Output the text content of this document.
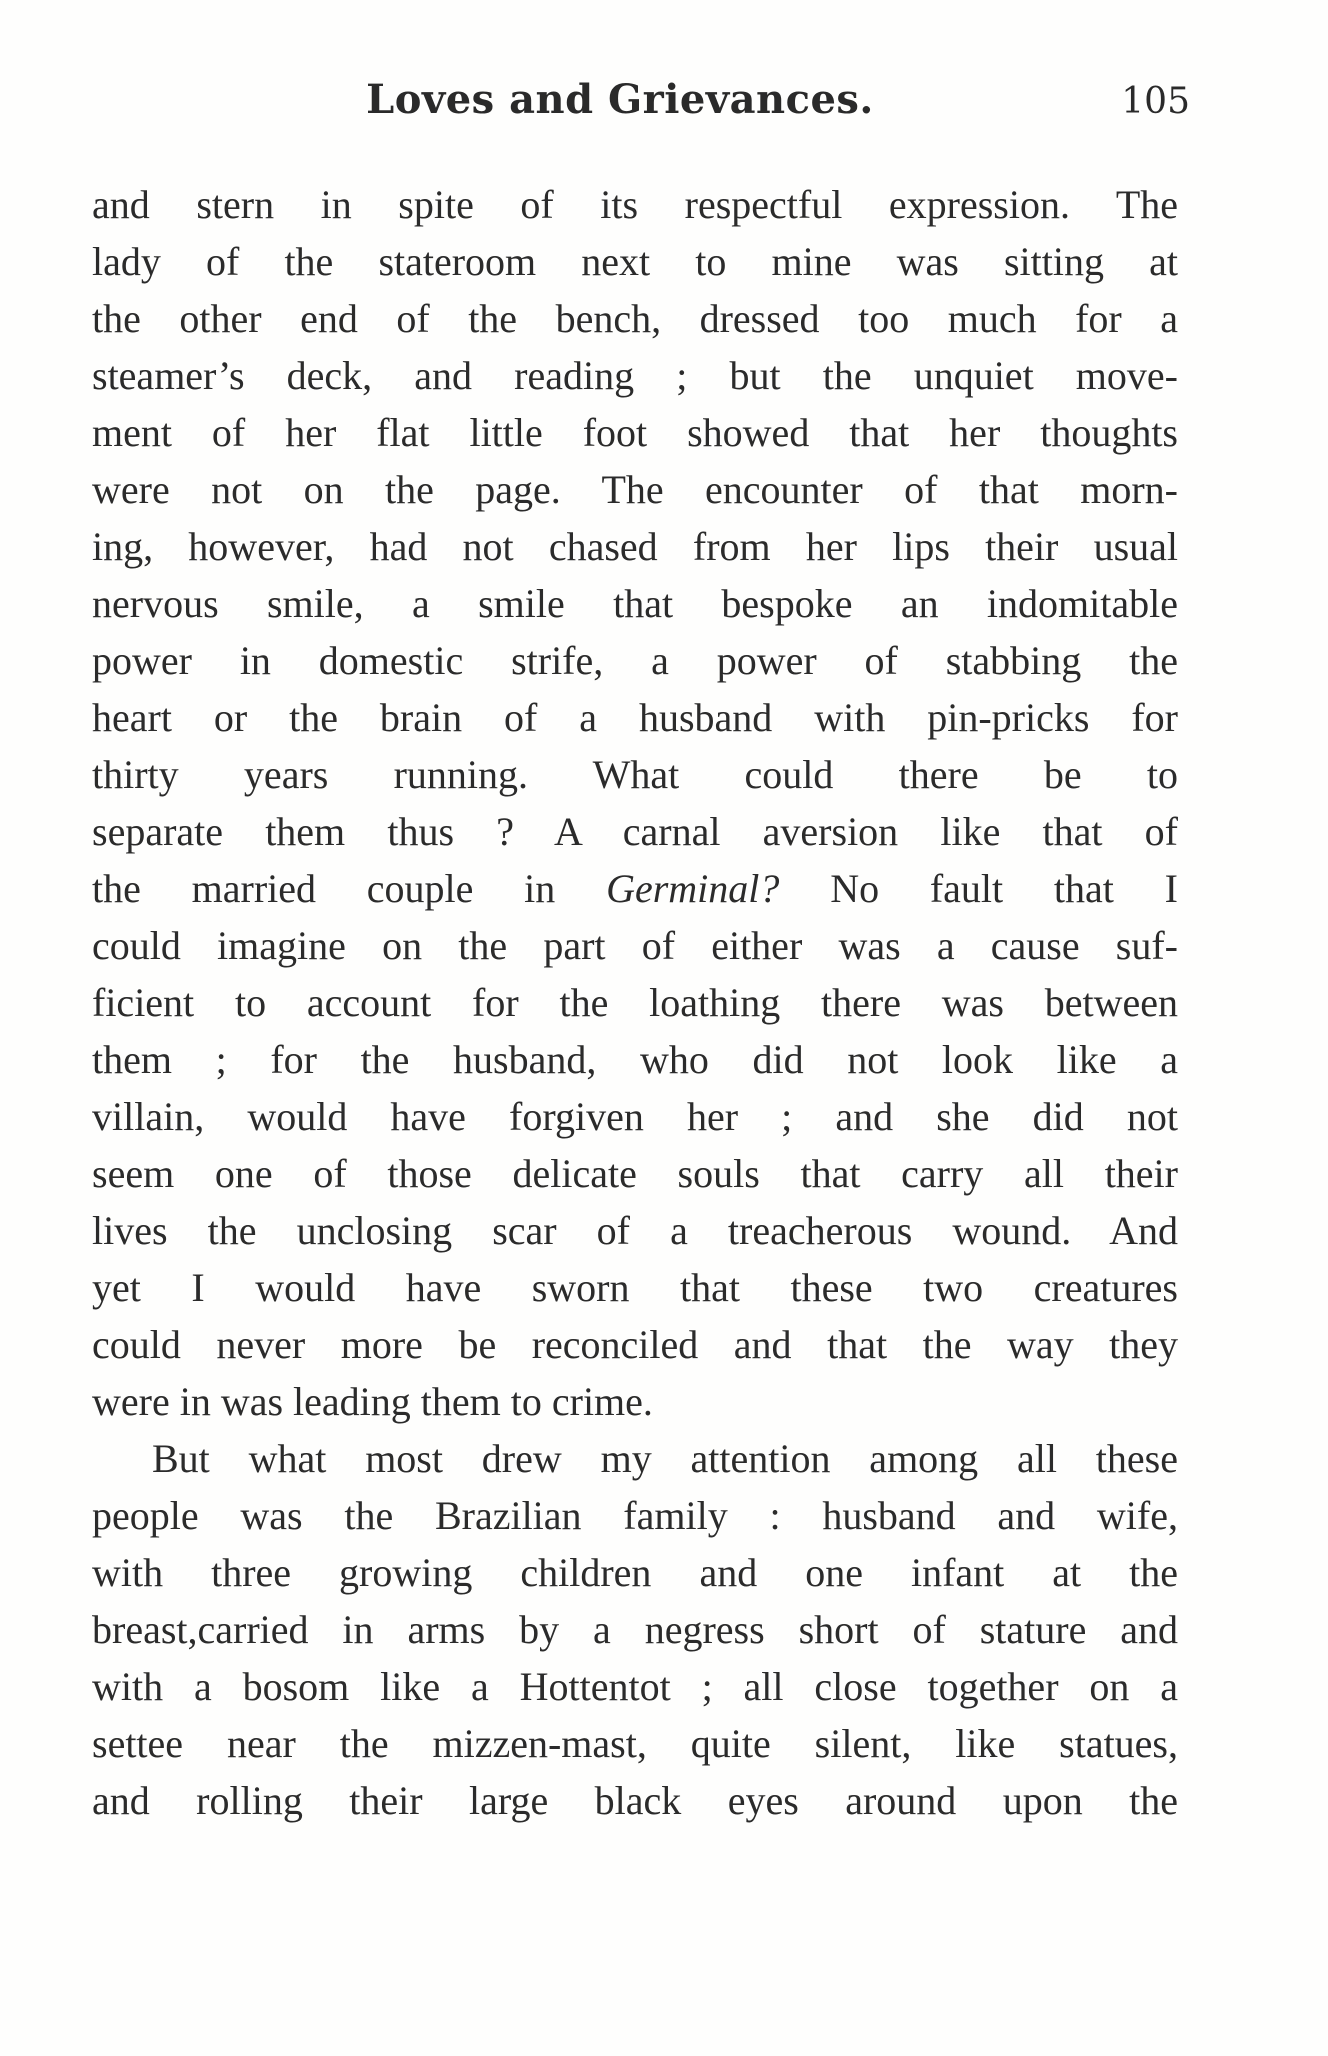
Loves and Grievances.	105
and stern in spite of its respectful expression. The
lady of the stateroom next to mine was sitting at
the other end of the bench, dressed too much for a
steamer’s deck, and reading ; but the unquiet move-
ment of her flat little foot showed that her thoughts
were not on the page. The encounter of that morn-
ing, however, had not chased from her lips their usual
nervous smile, a smile that bespoke an indomitable
power in domestic strife, a power of stabbing the
heart or the brain of a husband with pin-pricks for
thirty years running. What could there be to
separate them thus ? A carnal aversion like that of
the married couple in Germinal? No fault that I
could imagine on the part of either was a cause suf-
ficient to account for the loathing there was between
them ; for the husband, who did not look like a
villain, would have forgiven her ; and she did not
seem one of those delicate souls that carry all their
lives the unclosing scar of a treacherous wound. And
yet I would have sworn that these two creatures
could never more be reconciled and that the way they
were in was leading them to crime.
But what most drew my attention among all these
people was the Brazilian family : husband and wife,
with three growing children and one infant at the
breast,carried in arms by a negress short of stature and
with a bosom like a Hottentot ; all close together on a
settee near the mizzen-mast, quite silent, like statues,
and rolling their large black eyes around upon the
